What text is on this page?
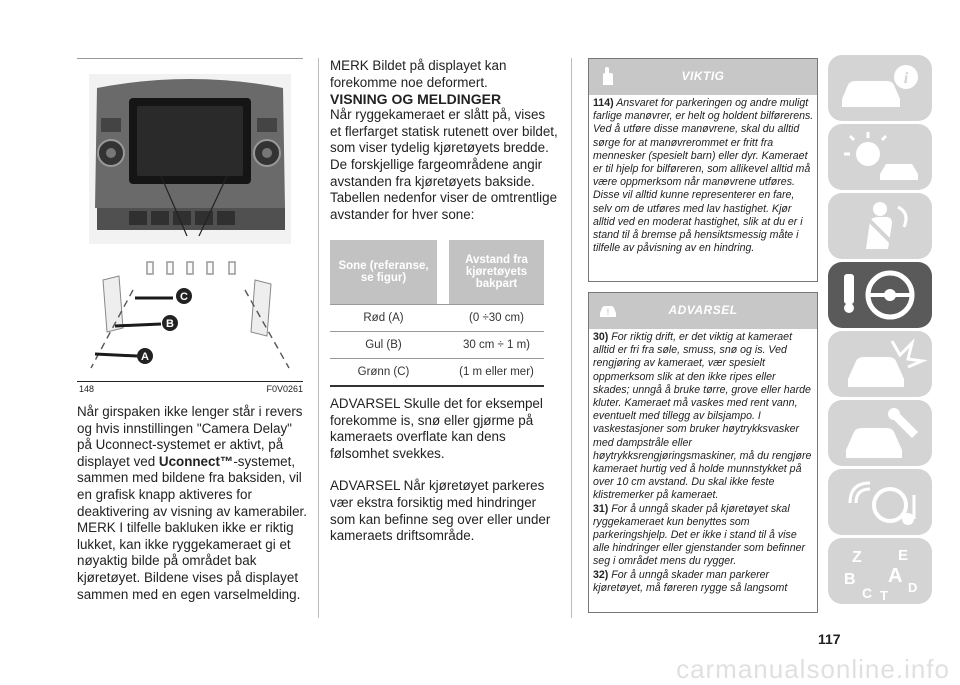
C
B
A
148	F0V0261

Når girspaken ikke lenger står i revers og hvis innstillingen "Camera Delay" på Uconnect-systemet er aktivt, på displayet ved Uconnect™-systemet, sammen med bildene fra baksiden, vil en grafisk knapp aktiveres for deaktivering av visning av kamerabiler.

MERK I tilfelle bakluken ikke er riktig lukket, kan ikke ryggekameraet gi et nøyaktig bilde på området bak kjøretøyet. Bildene vises på displayet sammen med en egen varselmelding.

MERK Bildet på displayet kan forekomme noe deformert.

VISNING OG MELDINGER

Når ryggekameraet er slått på, vises et flerfarget statisk rutenett over bildet, som viser tydelig kjøretøyets bredde. De forskjellige fargeområdene angir avstanden fra kjøretøyets bakside. Tabellen nedenfor viser de omtrentlige avstander for hver sone:

Sone (referanse, se figur)		Avstand fra kjøretøyets bakpart
Rød (A)		(0 ÷30 cm)
Gul (B)		30 cm ÷ 1 m)
Grønn (C)		(1 m eller mer)

ADVARSEL Skulle det for eksempel forekomme is, snø eller gjørme på kameraets overflate kan dens følsomhet svekkes.

ADVARSEL Når kjøretøyet parkeres vær ekstra forsiktig med hindringer som kan befinne seg over eller under kameraets driftsområde.

VIKTIG

114) Ansvaret for parkeringen og andre muligt farlige manøvrer, er helt og holdent bilførerens. Ved å utføre disse manøvrene, skal du alltid sørge for at manøvrerommet er fritt fra mennesker (spesielt barn) eller dyr. Kameraet er til hjelp for bilføreren, som allikevel alltid må være oppmerksom når manøvrene utføres. Disse vil alltid kunne representerer en fare, selv om de utføres med lav hastighet. Kjør alltid ved en moderat hastighet, slik at du er i stand til å bremse på hensiktsmessig måte i tilfelle av påvisning av en hindring.

!	ADVARSEL

30) For riktig drift, er det viktig at kameraet alltid er fri fra søle, smuss, snø og is. Ved rengjøring av kameraet, vær spesielt oppmerksom slik at den ikke ripes eller skades; unngå å bruke tørre, grove eller harde kluter. Kameraet må vaskes med rent vann, eventuelt med tillegg av bilsjampo. I vaskestasjoner som bruker høytrykksvasker med dampstråle eller høytrykksrengjøringsmaskiner, må du rengjøre kameraet hurtig ved å holde munnstykket på over 10 cm avstand. Du skal ikke feste klistremerker på kameraet.

31) For å unngå skader på kjøretøyet skal ryggekameraet kun benyttes som parkeringshjelp. Det er ikke i stand til å vise alle hindringer eller gjenstander som befinner seg i området mens du rygger.

32) For å unngå skader man parkerer kjøretøyet, må føreren rygge så langsomt

i
Z E
B A
C T
D
117
carmanualsonline.info
